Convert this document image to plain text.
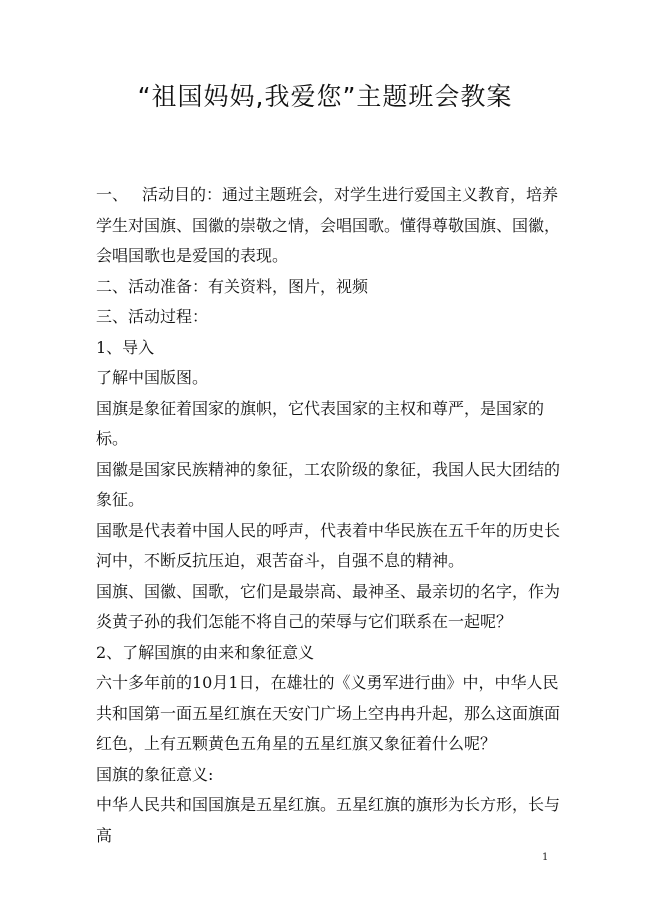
“祖国妈妈,我爱您”主题班会教案

一、 活动目的：通过主题班会，对学生进行爱国主义教育，培养学生对国旗、国徽的崇敬之情，会唱国歌。懂得尊敬国旗、国徽，会唱国歌也是爱国的表现。

二、活动准备：有关资料，图片，视频

三、活动过程：

1、导入

了解中国版图。

国旗是象征着国家的旗帜，它代表国家的主权和尊严，是国家的标。

国徽是国家民族精神的象征，工农阶级的象征，我国人民大团结的象征。

国歌是代表着中国人民的呼声，代表着中华民族在五千年的历史长河中，不断反抗压迫，艰苦奋斗，自强不息的精神。

国旗、国徽、国歌，它们是最崇高、最神圣、最亲切的名字，作为炎黄子孙的我们怎能不将自己的荣辱与它们联系在一起呢？

2、了解国旗的由来和象征意义

六十多年前的10月1日，在雄壮的《义勇军进行曲》中，中华人民共和国第一面五星红旗在天安门广场上空冉冉升起，那么这面旗面红色，上有五颗黄色五角星的五星红旗又象征着什么呢？

国旗的象征意义:

中华人民共和国国旗是五星红旗。五星红旗的旗形为长方形，长与高

1
